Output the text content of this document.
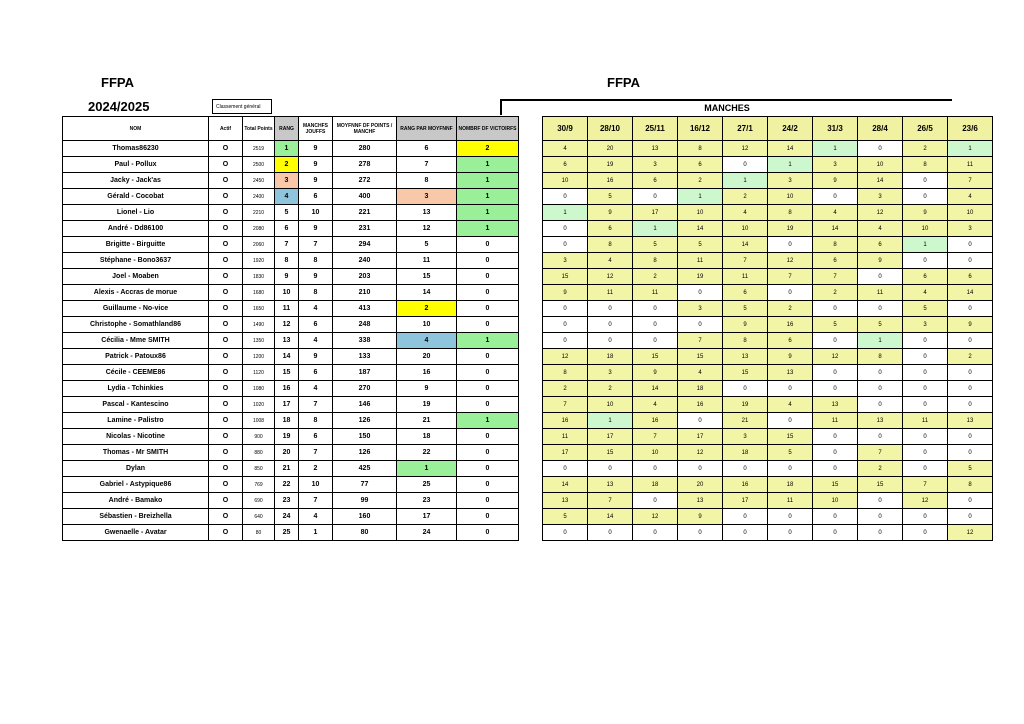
FFPA	FFPA
2024/2025	Classement général	MANCHES
NOM	Actif	Total Points	RANG	MANCHFS JOUFFS	MOYFNNF DF POINTS / MANCHF	RANG PAR MOYFNNF	NOMBRF DF VICTOIRFS		30/9	28/10	25/11	16/12	27/1	24/2	31/3	28/4	26/5	23/6
Thomas86230	O	2519	1	9	280	6	2		4	20	13	8	12	14	1	0	2	1
Paul - Pollux	O	2500	2	9	278	7	1		6	19	3	6	0	1	3	10	8	11
Jacky - Jack'as	O	2450	3	9	272	8	1		10	16	6	2	1	3	9	14	0	7
Gérald - Cocobat	O	2400	4	6	400	3	1		0	5	0	1	2	10	0	3	0	4
Lionel - Lio	O	2210	5	10	221	13	1		1	9	17	10	4	8	4	12	9	10
André - Dd86100	O	2080	6	9	231	12	1		0	6	1	14	10	19	14	4	10	3
Brigitte - Birguitte	O	2060	7	7	294	5	0		0	8	5	5	14	0	8	6	1	0
Stéphane - Bono3637	O	1920	8	8	240	11	0		3	4	8	11	7	12	6	9	0	0
Joel - Moaben	O	1830	9	9	203	15	0		15	12	2	19	11	7	7	0	6	6
Alexis - Accras de morue	O	1680	10	8	210	14	0		9	11	11	0	6	0	2	11	4	14
Guillaume - No-vice	O	1650	11	4	413	2	0		0	0	0	3	5	2	0	0	5	0
Christophe - Somathland86	O	1490	12	6	248	10	0		0	0	0	0	9	16	5	5	3	9
Cécilia - Mme SMITH	O	1350	13	4	338	4	1		0	0	0	7	8	6	0	1	0	0
Patrick - Patoux86	O	1200	14	9	133	20	0		12	18	15	15	13	9	12	8	0	2
Cécile - CEEME86	O	1120	15	6	187	16	0		8	3	9	4	15	13	0	0	0	0
Lydia - Tchinkies	O	1080	16	4	270	9	0		2	2	14	18	0	0	0	0	0	0
Pascal - Kantescino	O	1020	17	7	146	19	0		7	10	4	16	19	4	13	0	0	0
Lamine - Palistro	O	1008	18	8	126	21	1		16	1	16	0	21	0	11	13	11	13
Nicolas - Nicotine	O	900	19	6	150	18	0		11	17	7	17	3	15	0	0	0	0
Thomas - Mr SMITH	O	880	20	7	126	22	0		17	15	10	12	18	5	0	7	0	0
Dylan	O	850	21	2	425	1	0		0	0	0	0	0	0	0	2	0	5
Gabriel - Astypique86	O	769	22	10	77	25	0		14	13	18	20	16	18	15	15	7	8
André - Bamako	O	690	23	7	99	23	0		13	7	0	13	17	11	10	0	12	0
Sébastien - Breizhella	O	640	24	4	160	17	0		5	14	12	9	0	0	0	0	0	0
Gwenaelle - Avatar	O	80	25	1	80	24	0		0	0	0	0	0	0	0	0	0	12
